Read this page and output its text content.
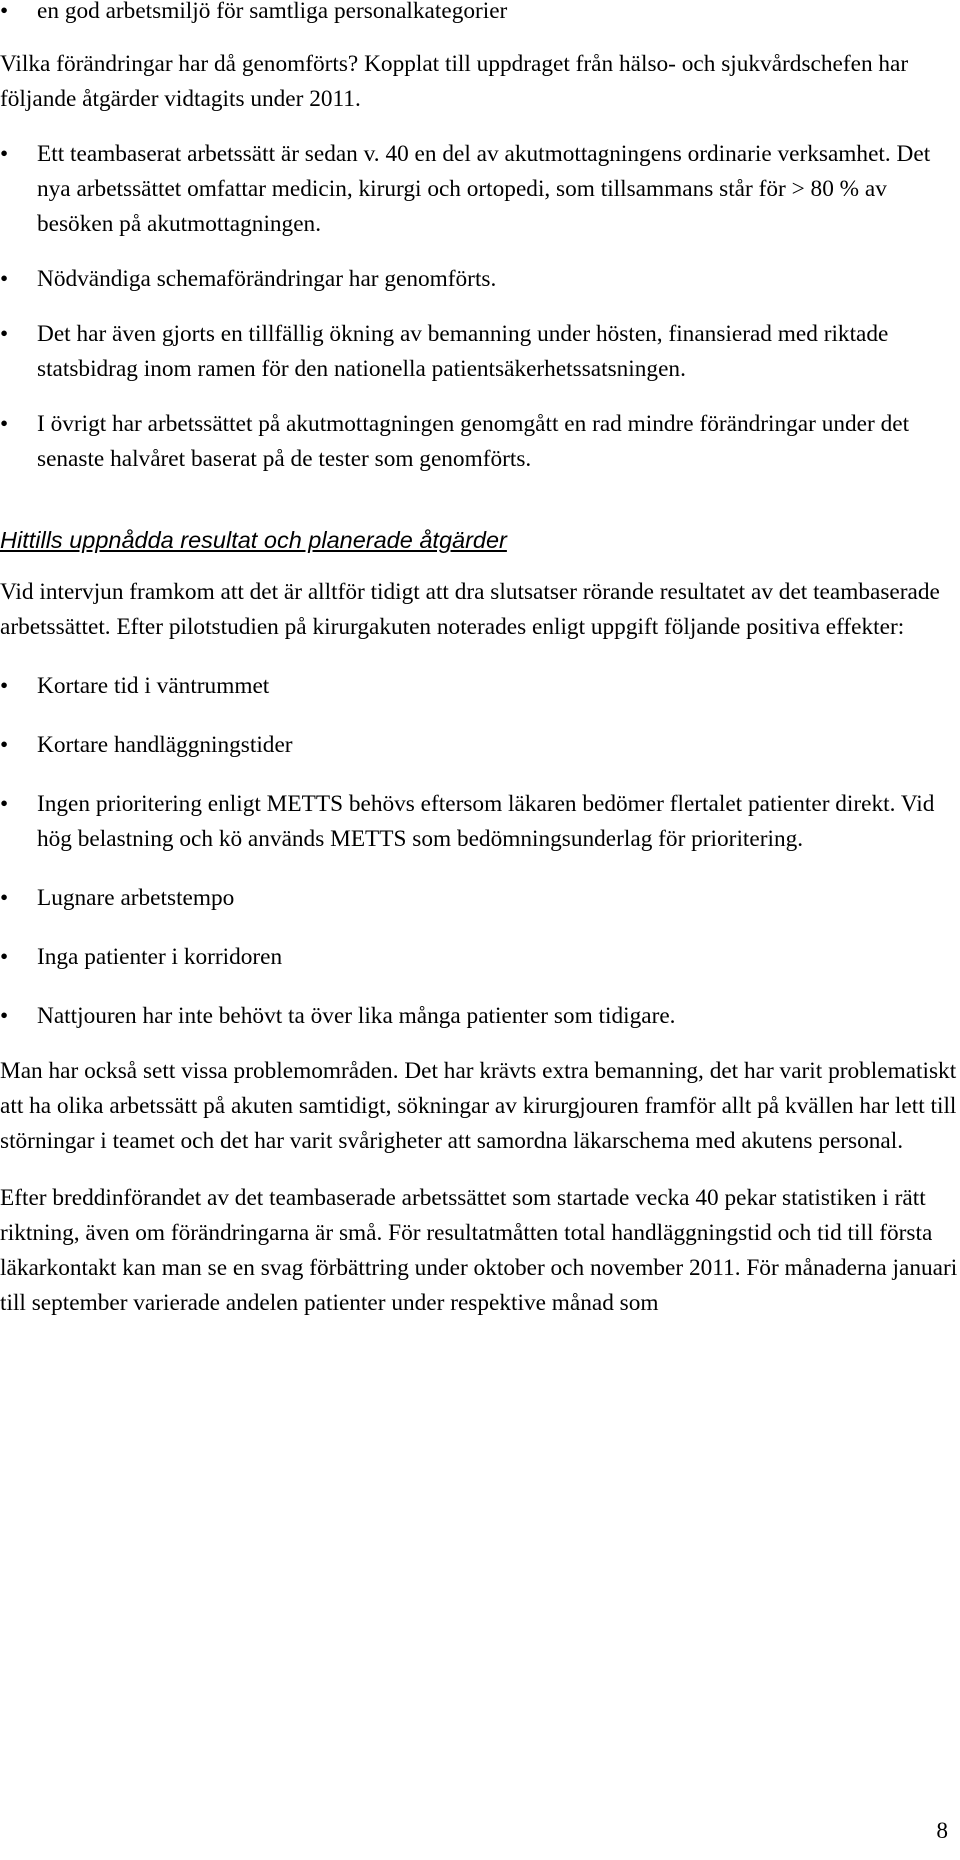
• en god arbetsmiljö för samtliga personalkategorier

Vilka förändringar har då genomförts? Kopplat till uppdraget från hälso- och sjukvårdschefen har följande åtgärder vidtagits under 2011.

• Ett teambaserat arbetssätt är sedan v. 40 en del av akutmottagningens ordinarie verksamhet. Det nya arbetssättet omfattar medicin, kirurgi och ortopedi, som tillsammans står för > 80 % av besöken på akutmottagningen.
• Nödvändiga schemaförändringar har genomförts.
• Det har även gjorts en tillfällig ökning av bemanning under hösten, finansierad med riktade statsbidrag inom ramen för den nationella patientsäkerhetssatsningen.
• I övrigt har arbetssättet på akutmottagningen genomgått en rad mindre förändringar under det senaste halvåret baserat på de tester som genomförts.
Hittills uppnådda resultat och planerade åtgärder

Vid intervjun framkom att det är alltför tidigt att dra slutsatser rörande resultatet av det teambaserade arbetssättet. Efter pilotstudien på kirurgakuten noterades enligt uppgift följande positiva effekter:

• Kortare tid i väntrummet
• Kortare handläggningstider
• Ingen prioritering enligt METTS behövs eftersom läkaren bedömer flertalet patienter direkt. Vid hög belastning och kö används METTS som bedömningsunderlag för prioritering.
• Lugnare arbetstempo
• Inga patienter i korridoren
• Nattjouren har inte behövt ta över lika många patienter som tidigare.

Man har också sett vissa problemområden. Det har krävts extra bemanning, det har varit problematiskt att ha olika arbetssätt på akuten samtidigt, sökningar av kirurgjouren framför allt på kvällen har lett till störningar i teamet och det har varit svårigheter att samordna läkarschema med akutens personal.

Efter breddinförandet av det teambaserade arbetssättet som startade vecka 40 pekar statistiken i rätt riktning, även om förändringarna är små. För resultatmåtten total handläggningstid och tid till första läkarkontakt kan man se en svag förbättring under oktober och november 2011. För månaderna januari till september varierade andelen patienter under respektive månad som

8
